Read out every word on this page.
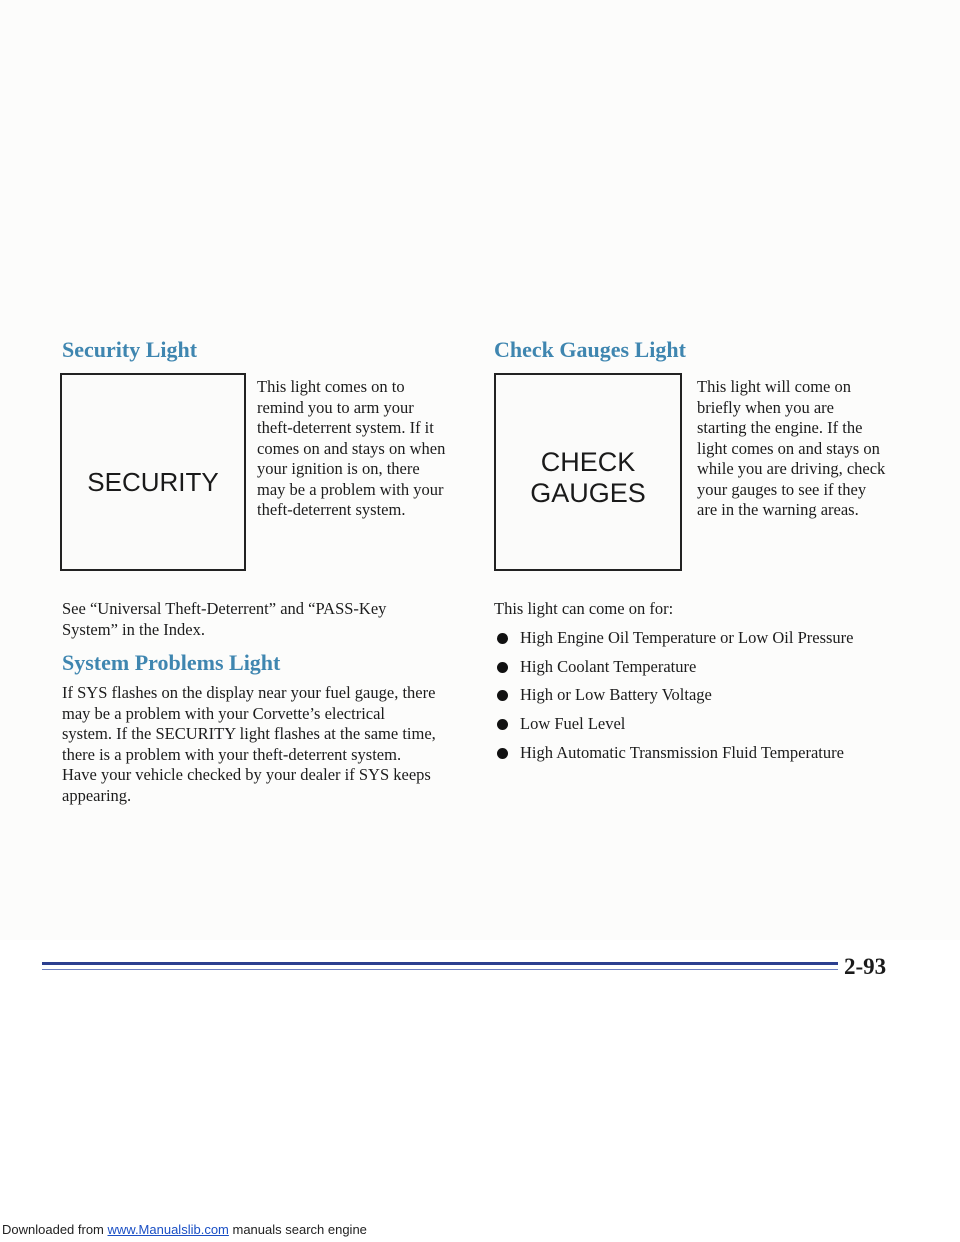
Security Light
SECURITY
This light comes on to
remind you to arm your
theft-deterrent system. If it
comes on and stays on when
your ignition is on, there
may be a problem with your
theft-deterrent system.
See “Universal Theft-Deterrent” and “PASS-Key
System” in the Index.
System Problems Light
If SYS flashes on the display near your fuel gauge, there
may be a problem with your Corvette’s electrical
system. If the SECURITY light flashes at the same time,
there is a problem with your theft-deterrent system.
Have your vehicle checked by your dealer if SYS keeps
appearing.
Check Gauges Light
CHECK
GAUGES
This light will come on
briefly when you are
starting the engine. If the
light comes on and stays on
while you are driving, check
your gauges to see if they
are in the warning areas.
This light can come on for:
High Engine Oil Temperature or Low Oil Pressure
High Coolant Temperature
High or Low Battery Voltage
Low Fuel Level
High Automatic Transmission Fluid Temperature
2-93
Downloaded from www.Manualslib.com manuals search engine
